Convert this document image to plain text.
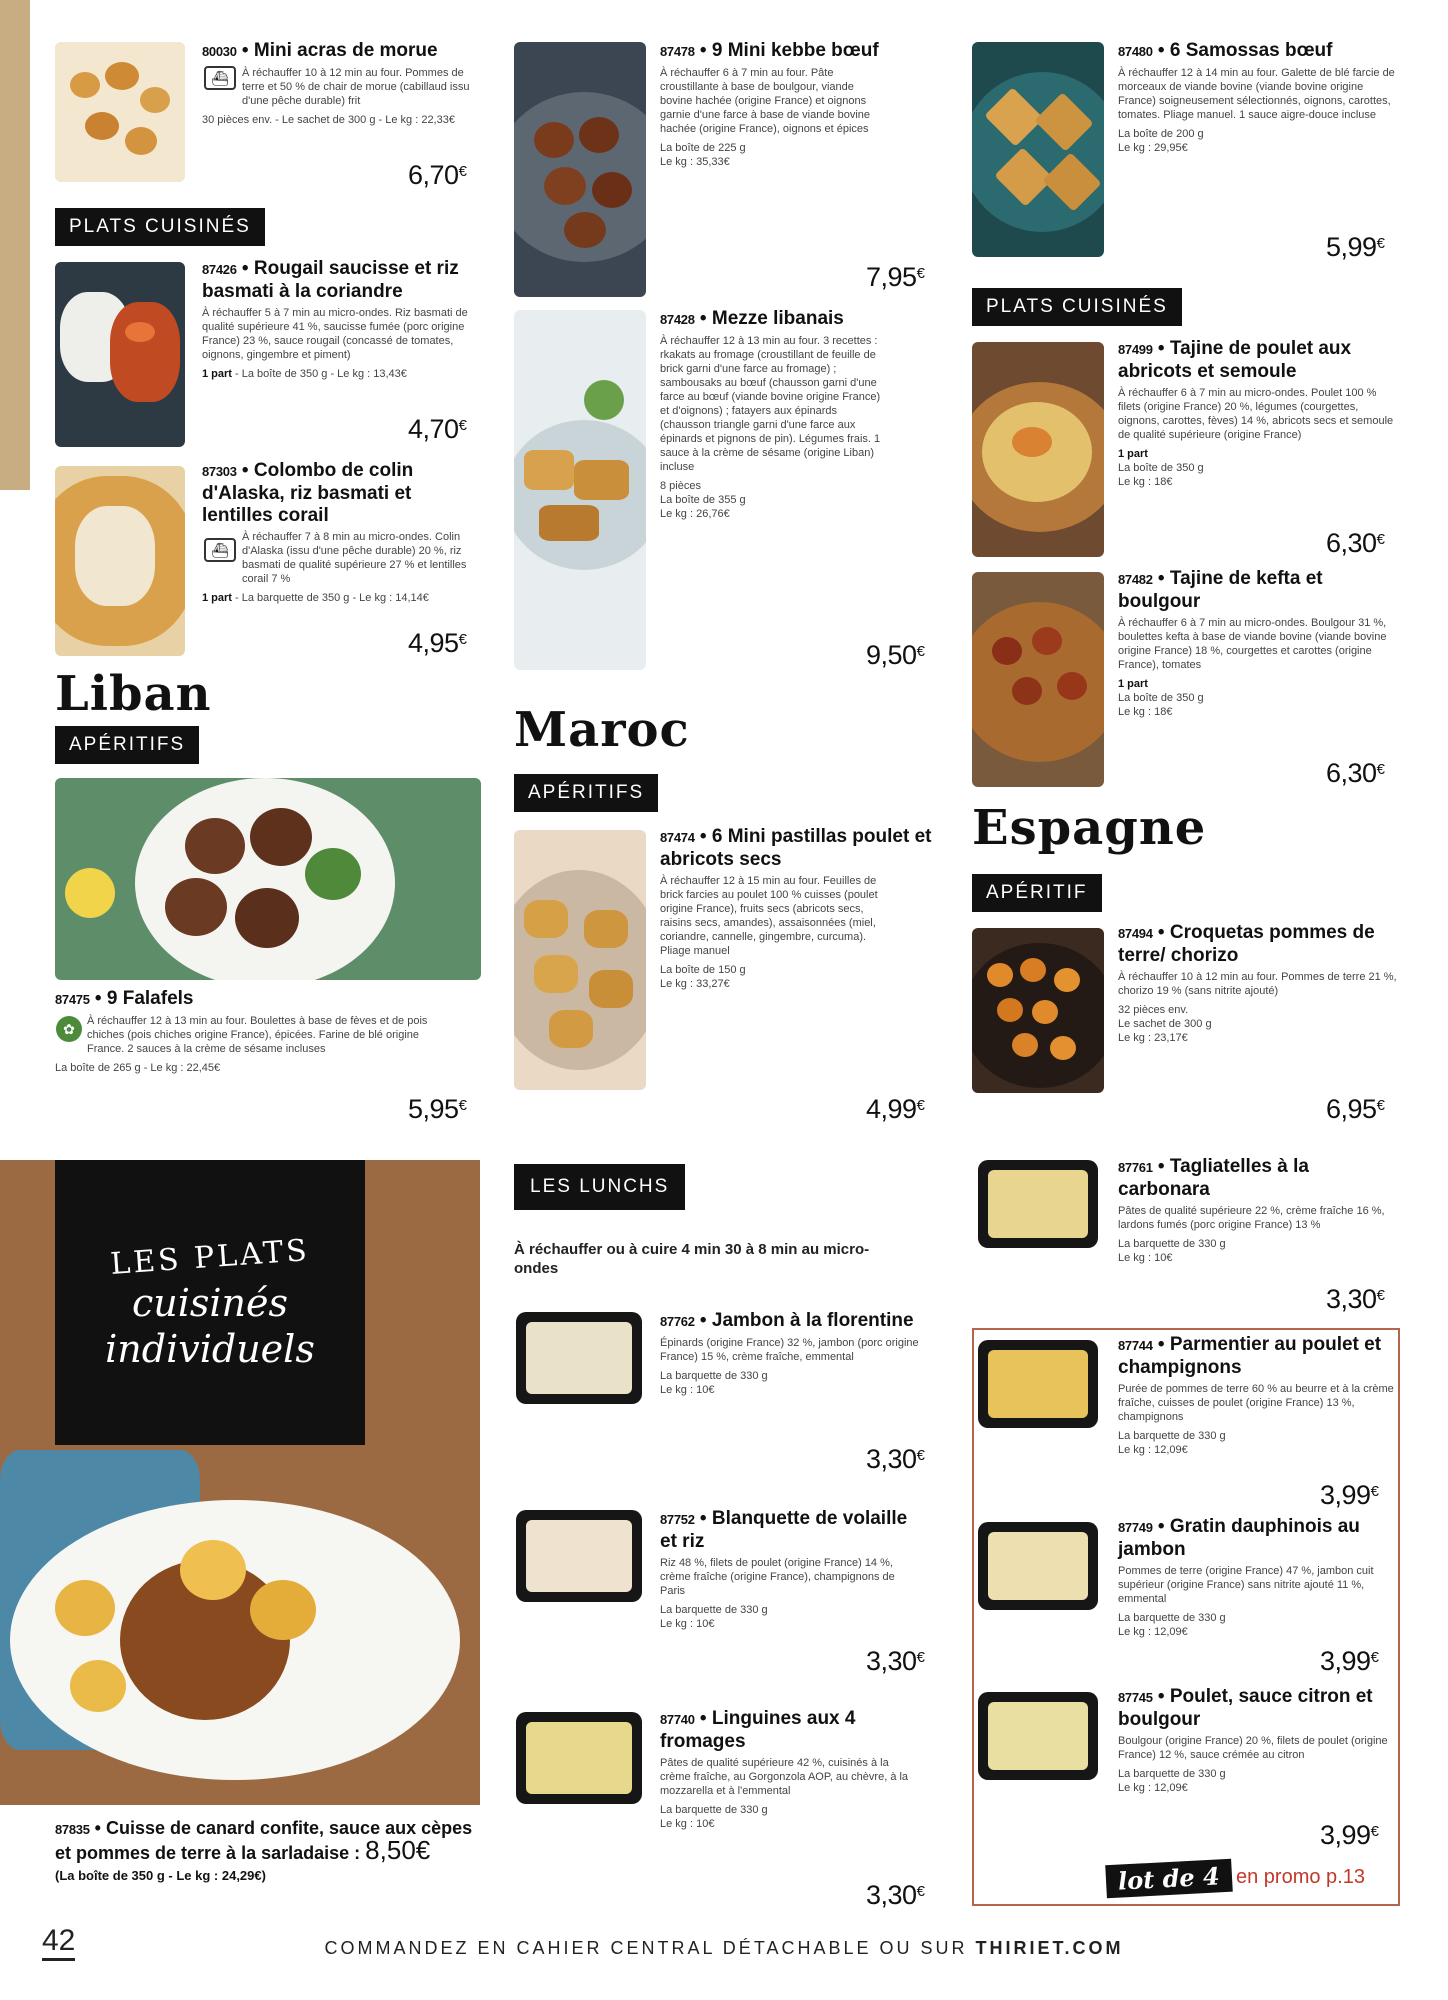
80030 • Mini acras de morue
À réchauffer 10 à 12 min au four. Pommes de terre et 50 % de chair de morue (cabillaud issu d'une pêche durable) frit
30 pièces env. - Le sachet de 300 g - Le kg : 22,33€
⛴
6,70€
PLATS CUISINÉS
87426 • Rougail saucisse et riz basmati à la coriandre
À réchauffer 5 à 7 min au micro-ondes. Riz basmati de qualité supérieure 41 %, saucisse fumée (porc origine France) 23 %, sauce rougail (concassé de tomates, oignons, gingembre et piment)
1 part - La boîte de 350 g - Le kg : 13,43€
4,70€
87303 • Colombo de colin d'Alaska, riz basmati et lentilles corail
À réchauffer 7 à 8 min au micro-ondes. Colin d'Alaska (issu d'une pêche durable) 20 %, riz basmati de qualité supérieure 27 % et lentilles corail 7 %
1 part - La barquette de 350 g - Le kg : 14,14€
⛴
4,95€
Liban
APÉRITIFS
87475 • 9 Falafels
À réchauffer 12 à 13 min au four. Boulettes à base de fèves et de pois chiches (pois chiches origine France), épicées. Farine de blé origine France. 2 sauces à la crème de sésame incluses
La boîte de 265 g - Le kg : 22,45€
✿
5,95€
LES PLATS
cuisinés
individuels
87835 • Cuisse de canard confite, sauce aux cèpes et pommes de terre à la sarladaise : 8,50€
(La boîte de 350 g - Le kg : 24,29€)
87478 • 9 Mini kebbe bœuf
À réchauffer 6 à 7 min au four. Pâte croustillante à base de boulgour, viande bovine hachée (origine France) et oignons garnie d'une farce à base de viande bovine hachée (origine France), oignons et épices
La boîte de 225 g
Le kg : 35,33€
7,95€
87428 • Mezze libanais
À réchauffer 12 à 13 min au four. 3 recettes : rkakats au fromage (croustillant de feuille de brick garni d'une farce au fromage) ; sambousaks au bœuf (chausson garni d'une farce au bœuf (viande bovine origine France) et d'oignons) ; fatayers aux épinards (chausson triangle garni d'une farce aux épinards et pignons de pin). Légumes frais. 1 sauce à la crème de sésame (origine Liban) incluse
8 pièces
La boîte de 355 g
Le kg : 26,76€
9,50€
Maroc
APÉRITIFS
87474 • 6 Mini pastillas poulet et abricots secs
À réchauffer 12 à 15 min au four. Feuilles de brick farcies au poulet 100 % cuisses (poulet origine France), fruits secs (abricots secs, raisins secs, amandes), assaisonnées (miel, coriandre, cannelle, gingembre, curcuma). Pliage manuel
La boîte de 150 g
Le kg : 33,27€
4,99€
LES LUNCHS
À réchauffer ou à cuire 4 min 30 à 8 min au micro-ondes
87762 • Jambon à la florentine
Épinards (origine France) 32 %, jambon (porc origine France) 15 %, crème fraîche, emmental
La barquette de 330 g
Le kg : 10€
3,30€
87752 • Blanquette de volaille et riz
Riz 48 %, filets de poulet (origine France) 14 %, crème fraîche (origine France), champignons de Paris
La barquette de 330 g
Le kg : 10€
3,30€
87740 • Linguines aux 4 fromages
Pâtes de qualité supérieure 42 %, cuisinés à la crème fraîche, au Gorgonzola AOP, au chèvre, à la mozzarella et à l'emmental
La barquette de 330 g
Le kg : 10€
3,30€
87480 • 6 Samossas bœuf
À réchauffer 12 à 14 min au four. Galette de blé farcie de morceaux de viande bovine (viande bovine origine France) soigneusement sélectionnés, oignons, carottes, tomates. Pliage manuel. 1 sauce aigre-douce incluse
La boîte de 200 g
Le kg : 29,95€
5,99€
PLATS CUISINÉS
87499 • Tajine de poulet aux abricots et semoule
À réchauffer 6 à 7 min au micro-ondes. Poulet 100 % filets (origine France) 20 %, légumes (courgettes, oignons, carottes, fèves) 14 %, abricots secs et semoule de qualité supérieure (origine France)
1 part
La boîte de 350 g
Le kg : 18€
6,30€
87482 • Tajine de kefta et boulgour
À réchauffer 6 à 7 min au micro-ondes. Boulgour 31 %, boulettes kefta à base de viande bovine (viande bovine origine France) 18 %, courgettes et carottes (origine France), tomates
1 part
La boîte de 350 g
Le kg : 18€
6,30€
Espagne
APÉRITIF
87494 • Croquetas pommes de terre/ chorizo
À réchauffer 10 à 12 min au four. Pommes de terre 21 %, chorizo 19 % (sans nitrite ajouté)
32 pièces env.
Le sachet de 300 g
Le kg : 23,17€
6,95€
87761 • Tagliatelles à la carbonara
Pâtes de qualité supérieure 22 %, crème fraîche 16 %, lardons fumés (porc origine France) 13 %
La barquette de 330 g
Le kg : 10€
3,30€
87744 • Parmentier au poulet et champignons
Purée de pommes de terre 60 % au beurre et à la crème fraîche, cuisses de poulet (origine France) 13 %, champignons
La barquette de 330 g
Le kg : 12,09€
3,99€
87749 • Gratin dauphinois au jambon
Pommes de terre (origine France) 47 %, jambon cuit supérieur (origine France) sans nitrite ajouté 11 %, emmental
La barquette de 330 g
Le kg : 12,09€
3,99€
87745 • Poulet, sauce citron et boulgour
Boulgour (origine France) 20 %, filets de poulet (origine France) 12 %, sauce crémée au citron
La barquette de 330 g
Le kg : 12,09€
3,99€
lot de 4 en promo p.13
42	COMMANDEZ EN CAHIER CENTRAL DÉTACHABLE OU SUR THIRIET.COM
